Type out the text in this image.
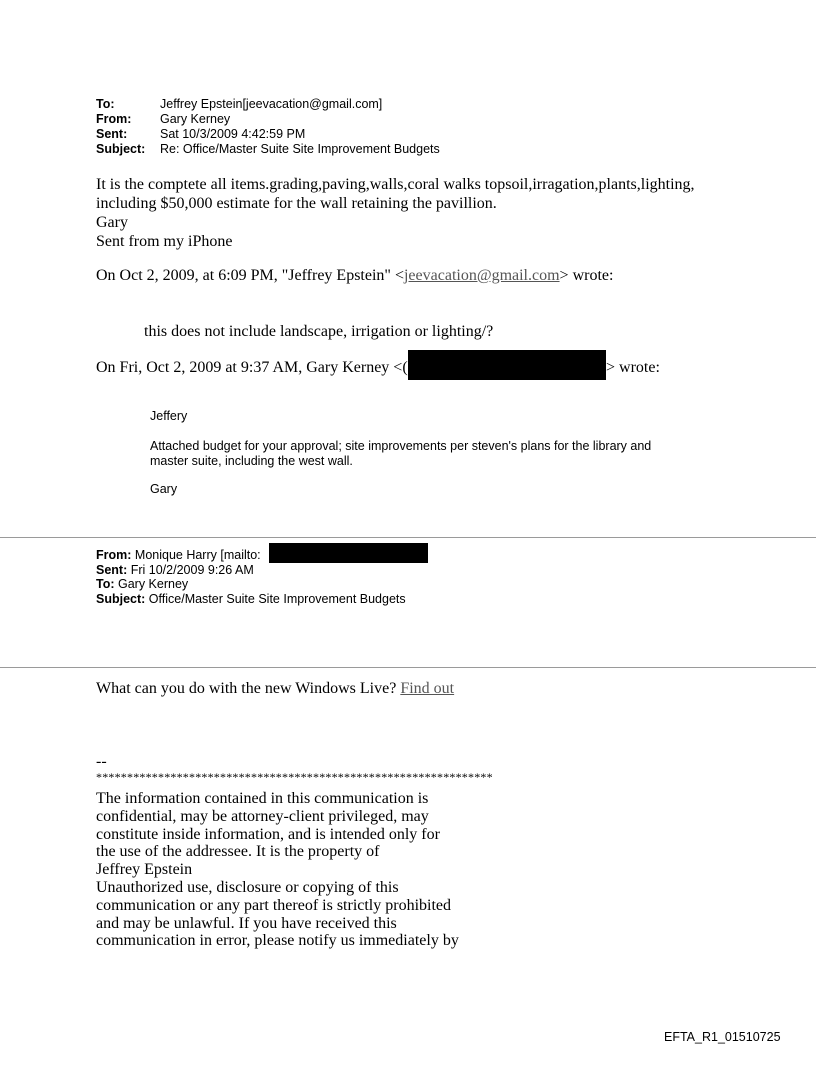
To:	Jeffrey Epstein[jeevacation@gmail.com]
From: Gary Kerney
Sent:	Sat 10/3/2009 4:42:59 PM
Subject: Re: Office/Master Suite Site Improvement Budgets
It is the comptete all items.grading,paving,walls,coral walks topsoil,irragation,plants,lighting,
including $50,000 estimate for the wall retaining the pavillion.
Gary
Sent from my iPhone
On Oct 2, 2009, at 6:09 PM, "Jeffrey Epstein" <jeevacation@gmail.com> wrote:
this does not include landscape, irrigation or lighting/?
On Fri, Oct 2, 2009 at 9:37 AM, Gary Kerney <(	> wrote:
Jeffery
Attached budget for your approval; site improvements per steven's plans for the library and
master suite, including the west wall.
Gary
From: Monique Harry [mailto:
Sent: Fri 10/2/2009 9:26 AM
To: Gary Kerney
Subject: Office/Master Suite Site Improvement Budgets
What can you do with the new Windows Live? Find out
--
****************************************************************
The information contained in this communication is
confidential, may be attorney-client privileged, may
constitute inside information, and is intended only for
the use of the addressee. It is the property of
Jeffrey Epstein
Unauthorized use, disclosure or copying of this
communication or any part thereof is strictly prohibited
and may be unlawful. If you have received this
communication in error, please notify us immediately by
EFTA_R1_01510725
